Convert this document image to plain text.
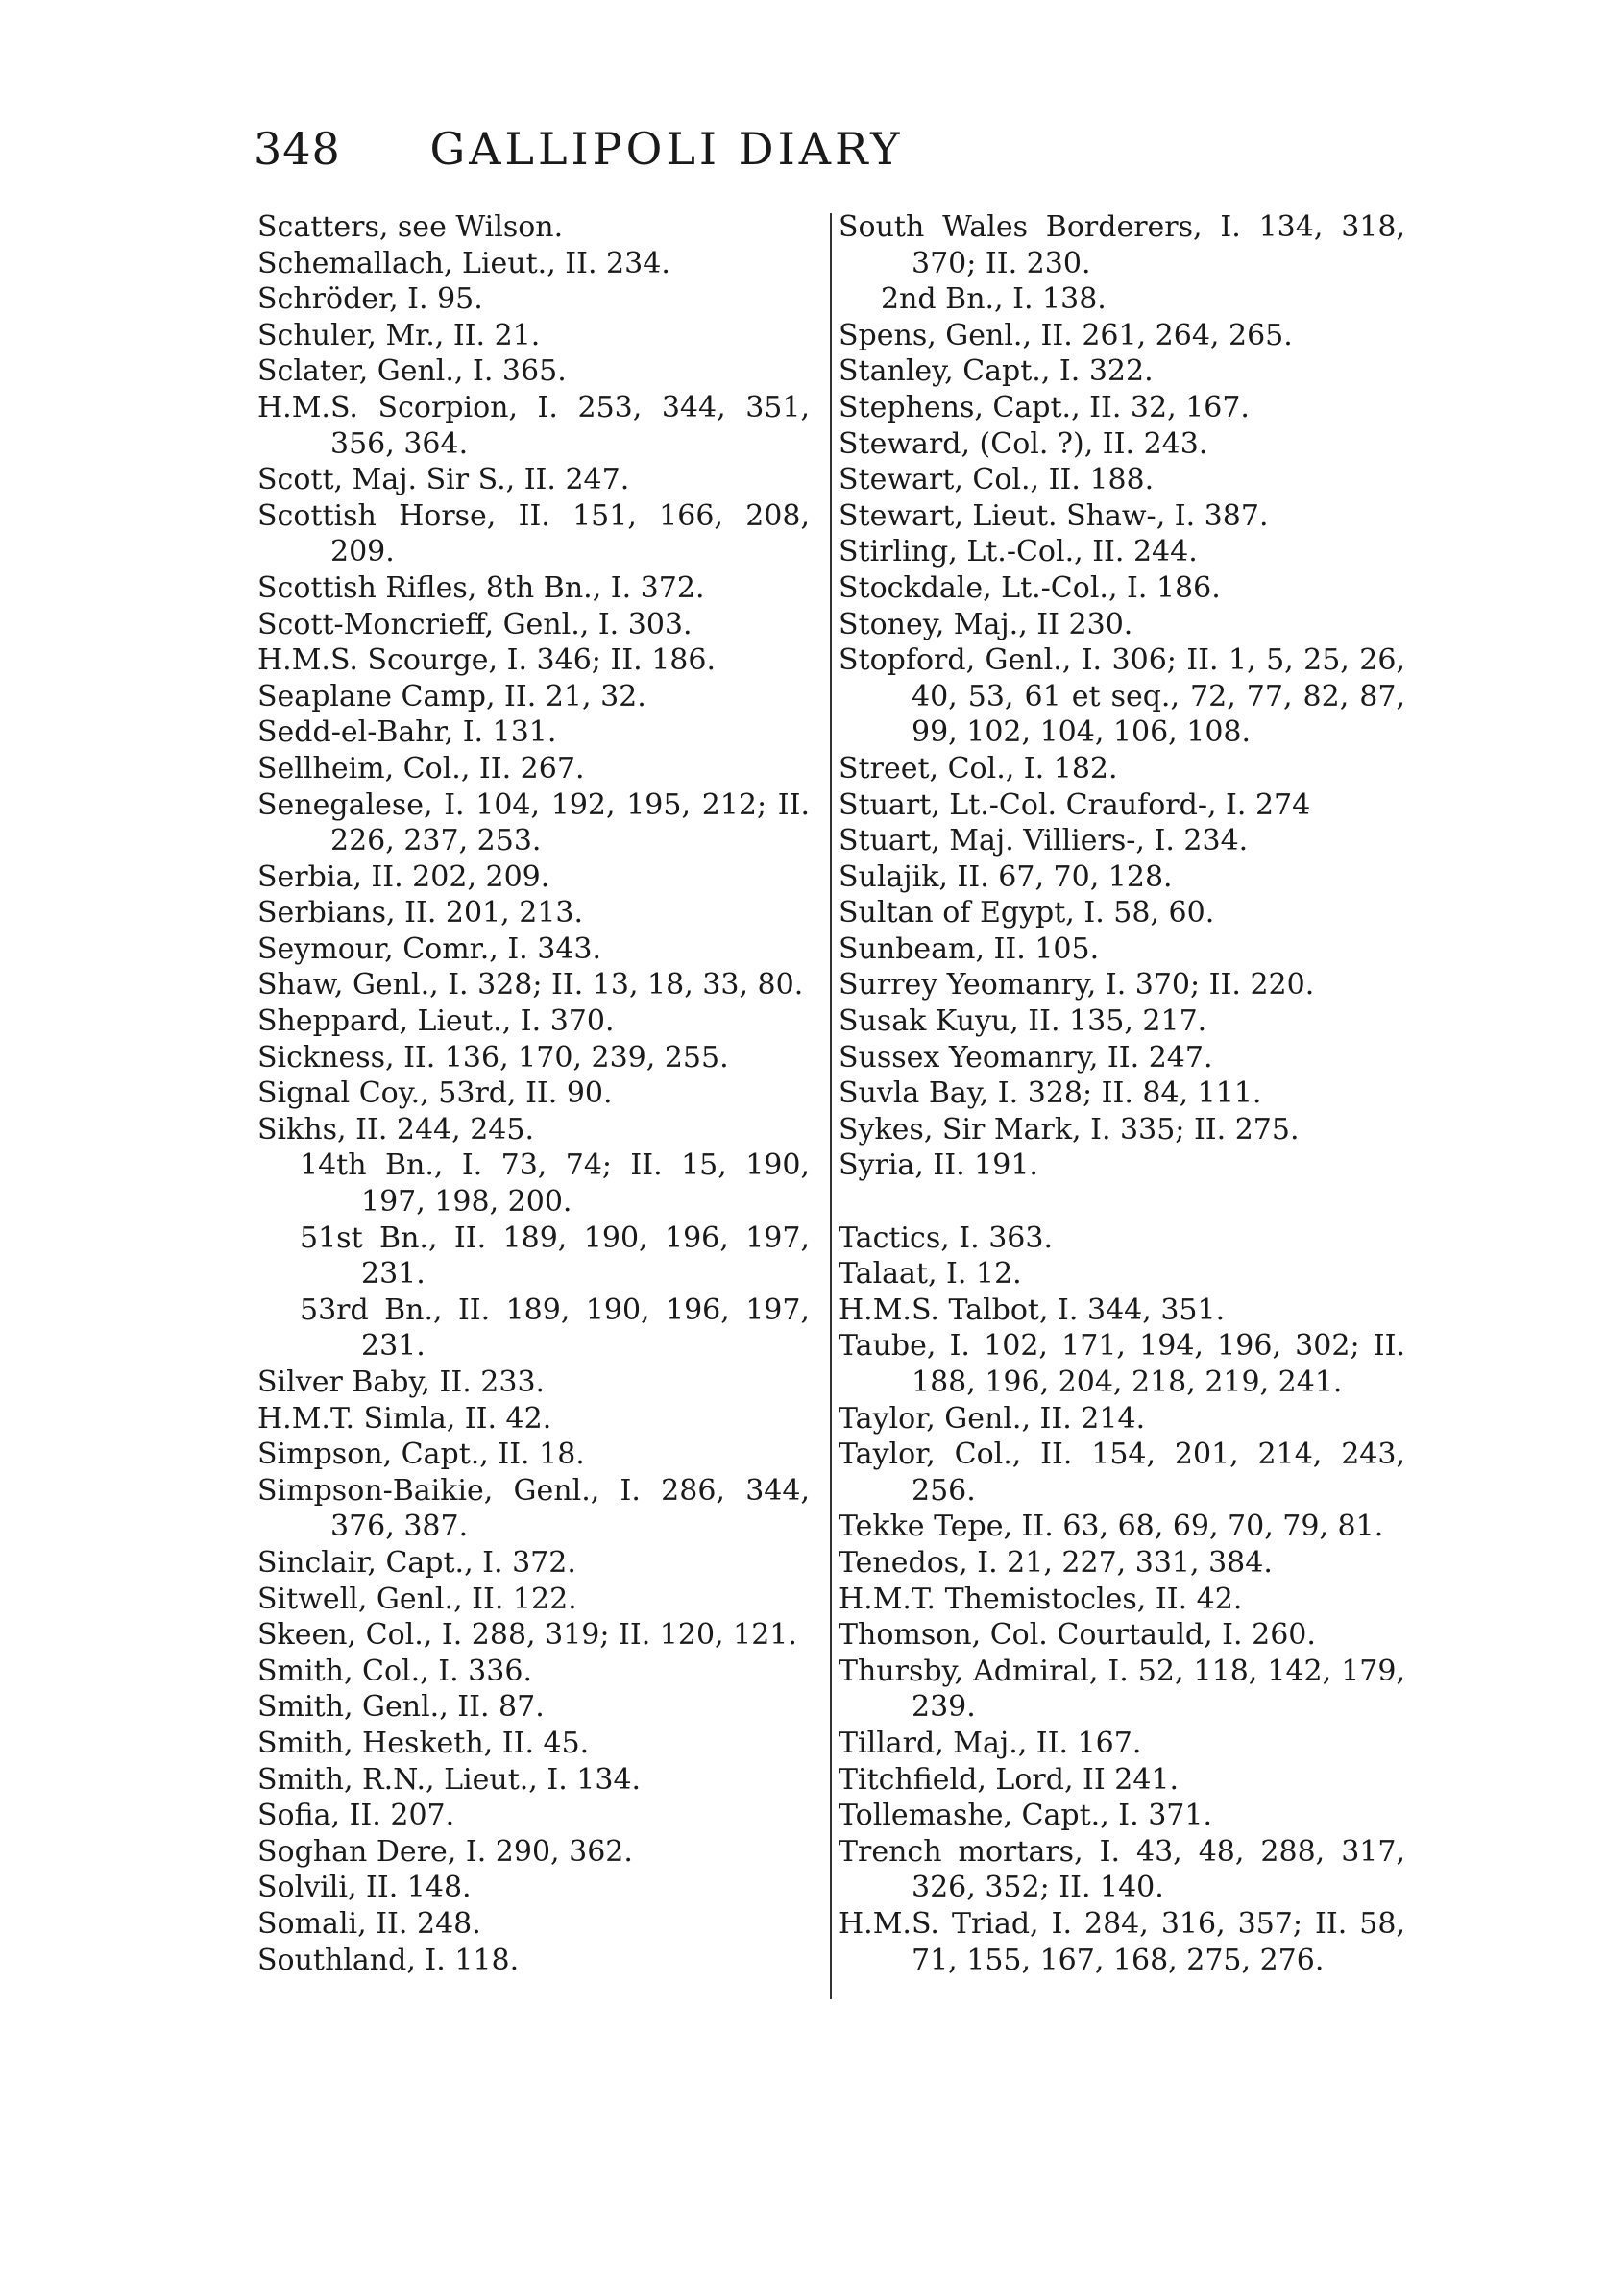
348	GALLIPOLI DIARY
Scatters, see Wilson.
Schemallach, Lieut., II. 234.
Schröder, I. 95.
Schuler, Mr., II. 21.
Sclater, Genl., I. 365.
H.M.S. Scorpion, I. 253, 344, 351, 356, 364.
Scott, Maj. Sir S., II. 247.
Scottish Horse, II. 151, 166, 208, 209.
Scottish Rifles, 8th Bn., I. 372.
Scott-Moncrieff, Genl., I. 303.
H.M.S. Scourge, I. 346; II. 186.
Seaplane Camp, II. 21, 32.
Sedd-el-Bahr, I. 131.
Sellheim, Col., II. 267.
Senegalese, I. 104, 192, 195, 212; II. 226, 237, 253.
Serbia, II. 202, 209.
Serbians, II. 201, 213.
Seymour, Comr., I. 343.
Shaw, Genl., I. 328; II. 13, 18, 33, 80.
Sheppard, Lieut., I. 370.
Sickness, II. 136, 170, 239, 255.
Signal Coy., 53rd, II. 90.
Sikhs, II. 244, 245.
14th Bn., I. 73, 74; II. 15, 190, 197, 198, 200.
51st Bn., II. 189, 190, 196, 197, 231.
53rd Bn., II. 189, 190, 196, 197, 231.
Silver Baby, II. 233.
H.M.T. Simla, II. 42.
Simpson, Capt., II. 18.
Simpson-Baikie, Genl., I. 286, 344, 376, 387.
Sinclair, Capt., I. 372.
Sitwell, Genl., II. 122.
Skeen, Col., I. 288, 319; II. 120, 121.
Smith, Col., I. 336.
Smith, Genl., II. 87.
Smith, Hesketh, II. 45.
Smith, R.N., Lieut., I. 134.
Sofia, II. 207.
Soghan Dere, I. 290, 362.
Solvili, II. 148.
Somali, II. 248.
Southland, I. 118.
South Wales Borderers, I. 134, 318, 370; II. 230.
2nd Bn., I. 138.
Spens, Genl., II. 261, 264, 265.
Stanley, Capt., I. 322.
Stephens, Capt., II. 32, 167.
Steward, (Col. ?), II. 243.
Stewart, Col., II. 188.
Stewart, Lieut. Shaw-, I. 387.
Stirling, Lt.-Col., II. 244.
Stockdale, Lt.-Col., I. 186.
Stoney, Maj., II 230.
Stopford, Genl., I. 306; II. 1, 5, 25, 26, 40, 53, 61 et seq., 72, 77, 82, 87, 99, 102, 104, 106, 108.
Street, Col., I. 182.
Stuart, Lt.-Col. Crauford-, I. 274
Stuart, Maj. Villiers-, I. 234.
Sulajik, II. 67, 70, 128.
Sultan of Egypt, I. 58, 60.
Sunbeam, II. 105.
Surrey Yeomanry, I. 370; II. 220.
Susak Kuyu, II. 135, 217.
Sussex Yeomanry, II. 247.
Suvla Bay, I. 328; II. 84, 111.
Sykes, Sir Mark, I. 335; II. 275.
Syria, II. 191.
Tactics, I. 363.
Talaat, I. 12.
H.M.S. Talbot, I. 344, 351.
Taube, I. 102, 171, 194, 196, 302; II. 188, 196, 204, 218, 219, 241.
Taylor, Genl., II. 214.
Taylor, Col., II. 154, 201, 214, 243, 256.
Tekke Tepe, II. 63, 68, 69, 70, 79, 81.
Tenedos, I. 21, 227, 331, 384.
H.M.T. Themistocles, II. 42.
Thomson, Col. Courtauld, I. 260.
Thursby, Admiral, I. 52, 118, 142, 179, 239.
Tillard, Maj., II. 167.
Titchfield, Lord, II 241.
Tollemashe, Capt., I. 371.
Trench mortars, I. 43, 48, 288, 317, 326, 352; II. 140.
H.M.S. Triad, I. 284, 316, 357; II. 58, 71, 155, 167, 168, 275, 276.
